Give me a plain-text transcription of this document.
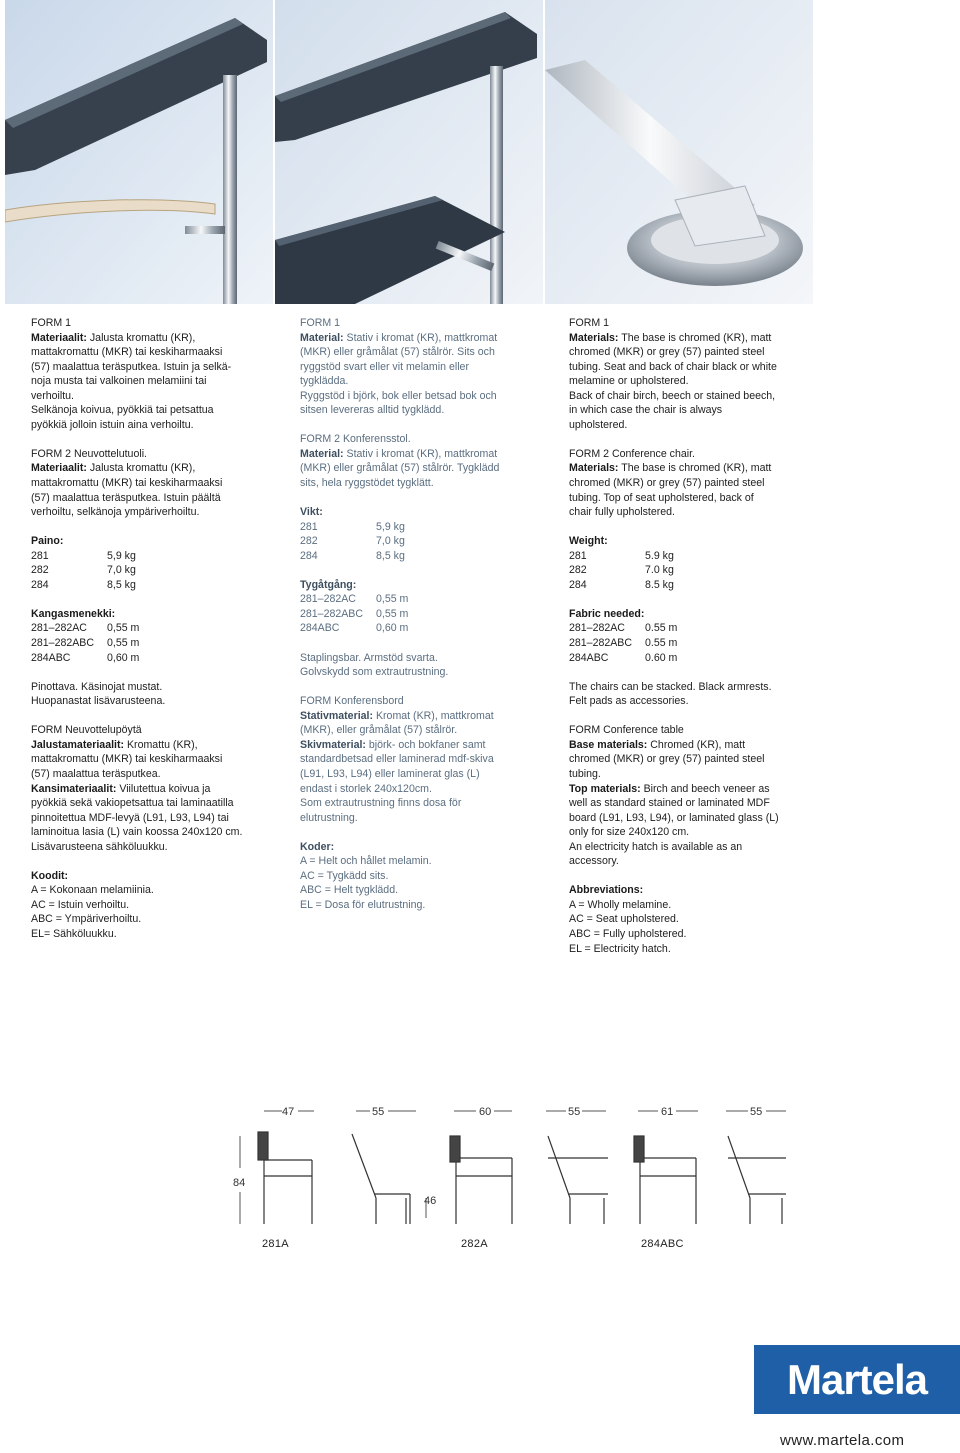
FORM 1
Materiaalit: Jalusta kromattu (KR),
mattakromattu (MKR) tai keskiharmaaksi
(57) maalattua teräsputkea. Istuin ja selkä-
noja musta tai valkoinen melamiini tai
verhoiltu.
Selkänoja koivua, pyökkiä tai petsattua
pyökkiä jolloin istuin aina verhoiltu.

FORM 2 Neuvottelutuoli.
Materiaalit: Jalusta kromattu (KR),
mattakromattu (MKR) tai keskiharmaaksi
(57) maalattua teräsputkea. Istuin päältä
verhoiltu, selkänoja ympäriverhoiltu.

Paino:
281	5,9 kg
282	7,0 kg
284	8,5 kg

Kangasmenekki:
281–282AC 0,55 m
281–282ABC 0,55 m
284ABC	0,60 m

Pinottava. Käsinojat mustat.
Huopanastat lisävarusteena.

FORM Neuvottelupöytä
Jalustamateriaalit: Kromattu (KR),
mattakromattu (MKR) tai keskiharmaaksi
(57) maalattua teräsputkea.
Kansimateriaalit: Viilutettua koivua ja
pyökkiä sekä vakiopetsattua tai laminaatilla
pinnoitettua MDF-levyä (L91, L93, L94) tai
laminoitua lasia (L) vain koossa 240x120 cm.
Lisävarusteena sähköluukku.

Koodit:
A = Kokonaan melamiinia.
AC = Istuin verhoiltu.
ABC = Ympäriverhoiltu.
EL= Sähköluukku.

FORM 1
Material: Stativ i kromat (KR), mattkromat
(MKR) eller gråmålat (57) stålrör. Sits och
ryggstöd svart eller vit melamin eller
tygklädda.
Ryggstöd i björk, bok eller betsad bok och
sitsen levereras alltid tygklädd.

FORM 2 Konferensstol.
Material: Stativ i kromat (KR), mattkromat
(MKR) eller gråmålat (57) stålrör. Tygklädd
sits, hela ryggstödet tygklätt.

Vikt:
281	5,9 kg
282	7,0 kg
284	8,5 kg

Tygåtgång:
281–282AC 0,55 m
281–282ABC 0,55 m
284ABC	0,60 m

Staplingsbar. Armstöd svarta.
Golvskydd som extrautrustning.

FORM Konferensbord
Stativmaterial: Kromat (KR), mattkromat
(MKR), eller gråmålat (57) stålrör.
Skivmaterial: björk- och bokfaner samt
standardbetsad eller laminerad mdf-skiva
(L91, L93, L94) eller laminerat glas (L)
endast i storlek 240x120cm.
Som extrautrustning finns dosa för
elutrustning.

Koder:
A = Helt och hållet melamin.
AC = Tygkädd sits.
ABC = Helt tygklädd.
EL = Dosa för elutrustning.

FORM 1
Materials: The base is chromed (KR), matt
chromed (MKR) or grey (57) painted steel
tubing. Seat and back of chair black or white
melamine or upholstered.
Back of chair birch, beech or stained beech,
in which case the chair is always
upholstered.

FORM 2 Conference chair.
Materials: The base is chromed (KR), matt
chromed (MKR) or grey (57) painted steel
tubing. Top of seat upholstered, back of
chair fully upholstered.

Weight:
281	5.9 kg
282	7.0 kg
284	8.5 kg

Fabric needed:
281–282AC 0.55 m
281–282ABC 0.55 m
284ABC	0.60 m

The chairs can be stacked. Black armrests.
Felt pads as accessories.

FORM Conference table
Base materials: Chromed (KR), matt
chromed (MKR) or grey (57) painted steel
tubing.
Top materials: Birch and beech veneer as
well as standard stained or laminated MDF
board (L91, L93, L94), or laminated glass (L)
only for size 240x120 cm.
An electricity hatch is available as an
accessory.

Abbreviations:
A = Wholly melamine.
AC = Seat upholstered.
ABC = Fully upholstered.
EL = Electricity hatch.

47	55	60	55	61	55
84
46
281A	282A	284ABC
Martela
www.martela.com
